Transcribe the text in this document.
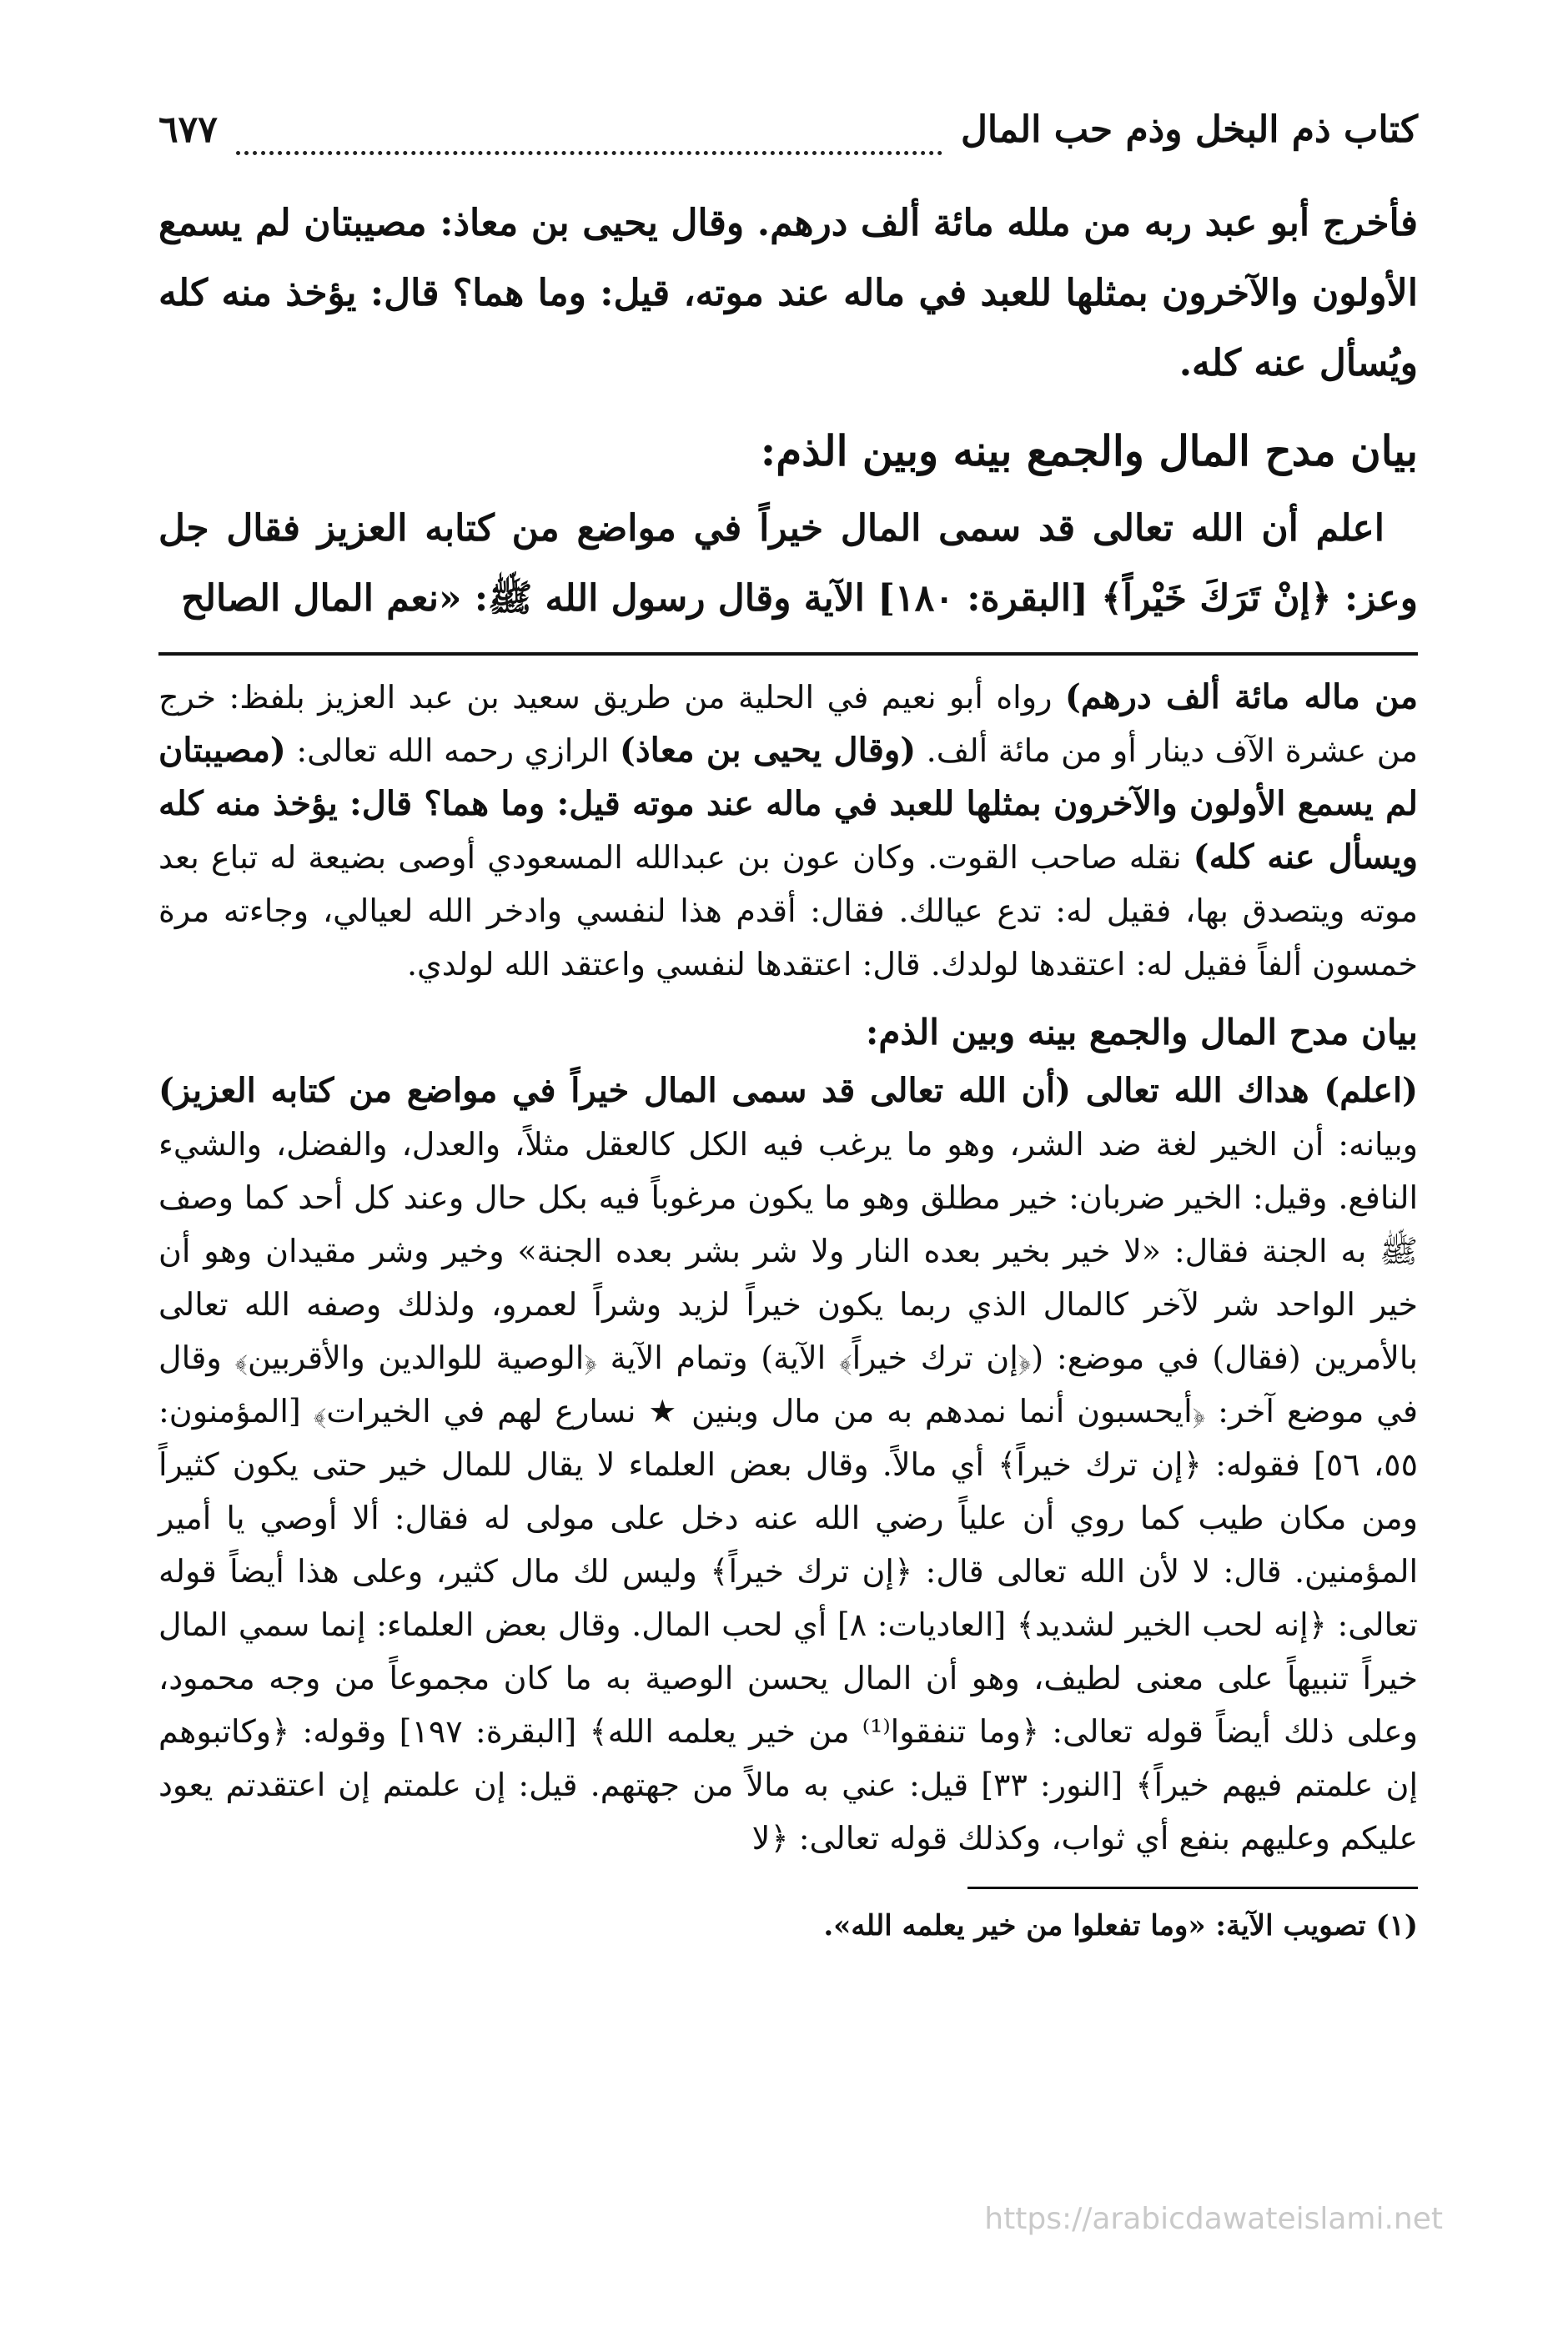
كتاب ذم البخل وذم حب المال
٦٧٧

فأخرج أبو عبد ربه من ملله مائة ألف درهم. وقال يحيى بن معاذ: مصيبتان لم يسمع الأولون والآخرون بمثلها للعبد في ماله عند موته، قيل: وما هما؟ قال: يؤخذ منه كله ويُسأل عنه كله.

بيان مدح المال والجمع بينه وبين الذم:

اعلم أن الله تعالى قد سمى المال خيراً في مواضع من كتابه العزيز فقال جل وعز: ﴿إنْ تَرَكَ خَيْراً﴾ [البقرة: ١٨٠] الآية وقال رسول الله ﷺ: «نعم المال الصالح

من ماله مائة ألف درهم) رواه أبو نعيم في الحلية من طريق سعيد بن عبد العزيز بلفظ: خرج من عشرة الآف دينار أو من مائة ألف. (وقال يحيى بن معاذ) الرازي رحمه الله تعالى: (مصيبتان لم يسمع الأولون والآخرون بمثلها للعبد في ماله عند موته قيل: وما هما؟ قال: يؤخذ منه كله ويسأل عنه كله) نقله صاحب القوت. وكان عون بن عبدالله المسعودي أوصى بضيعة له تباع بعد موته ويتصدق بها، فقيل له: تدع عيالك. فقال: أقدم هذا لنفسي وادخر الله لعيالي، وجاءته مرة خمسون ألفاً فقيل له: اعتقدها لولدك. قال: اعتقدها لنفسي واعتقد الله لولدي.

بيان مدح المال والجمع بينه وبين الذم:

(اعلم) هداك الله تعالى (أن الله تعالى قد سمى المال خيراً في مواضع من كتابه العزيز) وبيانه: أن الخير لغة ضد الشر، وهو ما يرغب فيه الكل كالعقل مثلاً، والعدل، والفضل، والشيء النافع. وقيل: الخير ضربان: خير مطلق وهو ما يكون مرغوباً فيه بكل حال وعند كل أحد كما وصف ﷺ به الجنة فقال: «لا خير بخير بعده النار ولا شر بشر بعده الجنة» وخير وشر مقيدان وهو أن خير الواحد شر لآخر كالمال الذي ربما يكون خيراً لزيد وشراً لعمرو، ولذلك وصفه الله تعالى بالأمرين (فقال) في موضع: (﴿إن ترك خيراً﴾ الآية) وتمام الآية ﴿الوصية للوالدين والأقربين﴾ وقال في موضع آخر: ﴿أيحسبون أنما نمدهم به من مال وبنين ★ نسارع لهم في الخيرات﴾ [المؤمنون: ٥٥، ٥٦] فقوله: ﴿إن ترك خيراً﴾ أي مالاً. وقال بعض العلماء لا يقال للمال خير حتى يكون كثيراً ومن مكان طيب كما روي أن علياً رضي الله عنه دخل على مولى له فقال: ألا أوصي يا أمير المؤمنين. قال: لا لأن الله تعالى قال: ﴿إن ترك خيراً﴾ وليس لك مال كثير، وعلى هذا أيضاً قوله تعالى: ﴿إنه لحب الخير لشديد﴾ [العاديات: ٨] أي لحب المال. وقال بعض العلماء: إنما سمي المال خيراً تنبيهاً على معنى لطيف، وهو أن المال يحسن الوصية به ما كان مجموعاً من وجه محمود، وعلى ذلك أيضاً قوله تعالى: ﴿وما تنفقوا⁽¹⁾ من خير يعلمه الله﴾ [البقرة: ١٩٧] وقوله: ﴿وكاتبوهم إن علمتم فيهم خيراً﴾ [النور: ٣٣] قيل: عني به مالاً من جهتهم. قيل: إن علمتم إن اعتقدتم يعود عليكم وعليهم بنفع أي ثواب، وكذلك قوله تعالى: ﴿لا

(١) تصويب الآية: «وما تفعلوا من خير يعلمه الله».
https://arabicdawateislami.net
